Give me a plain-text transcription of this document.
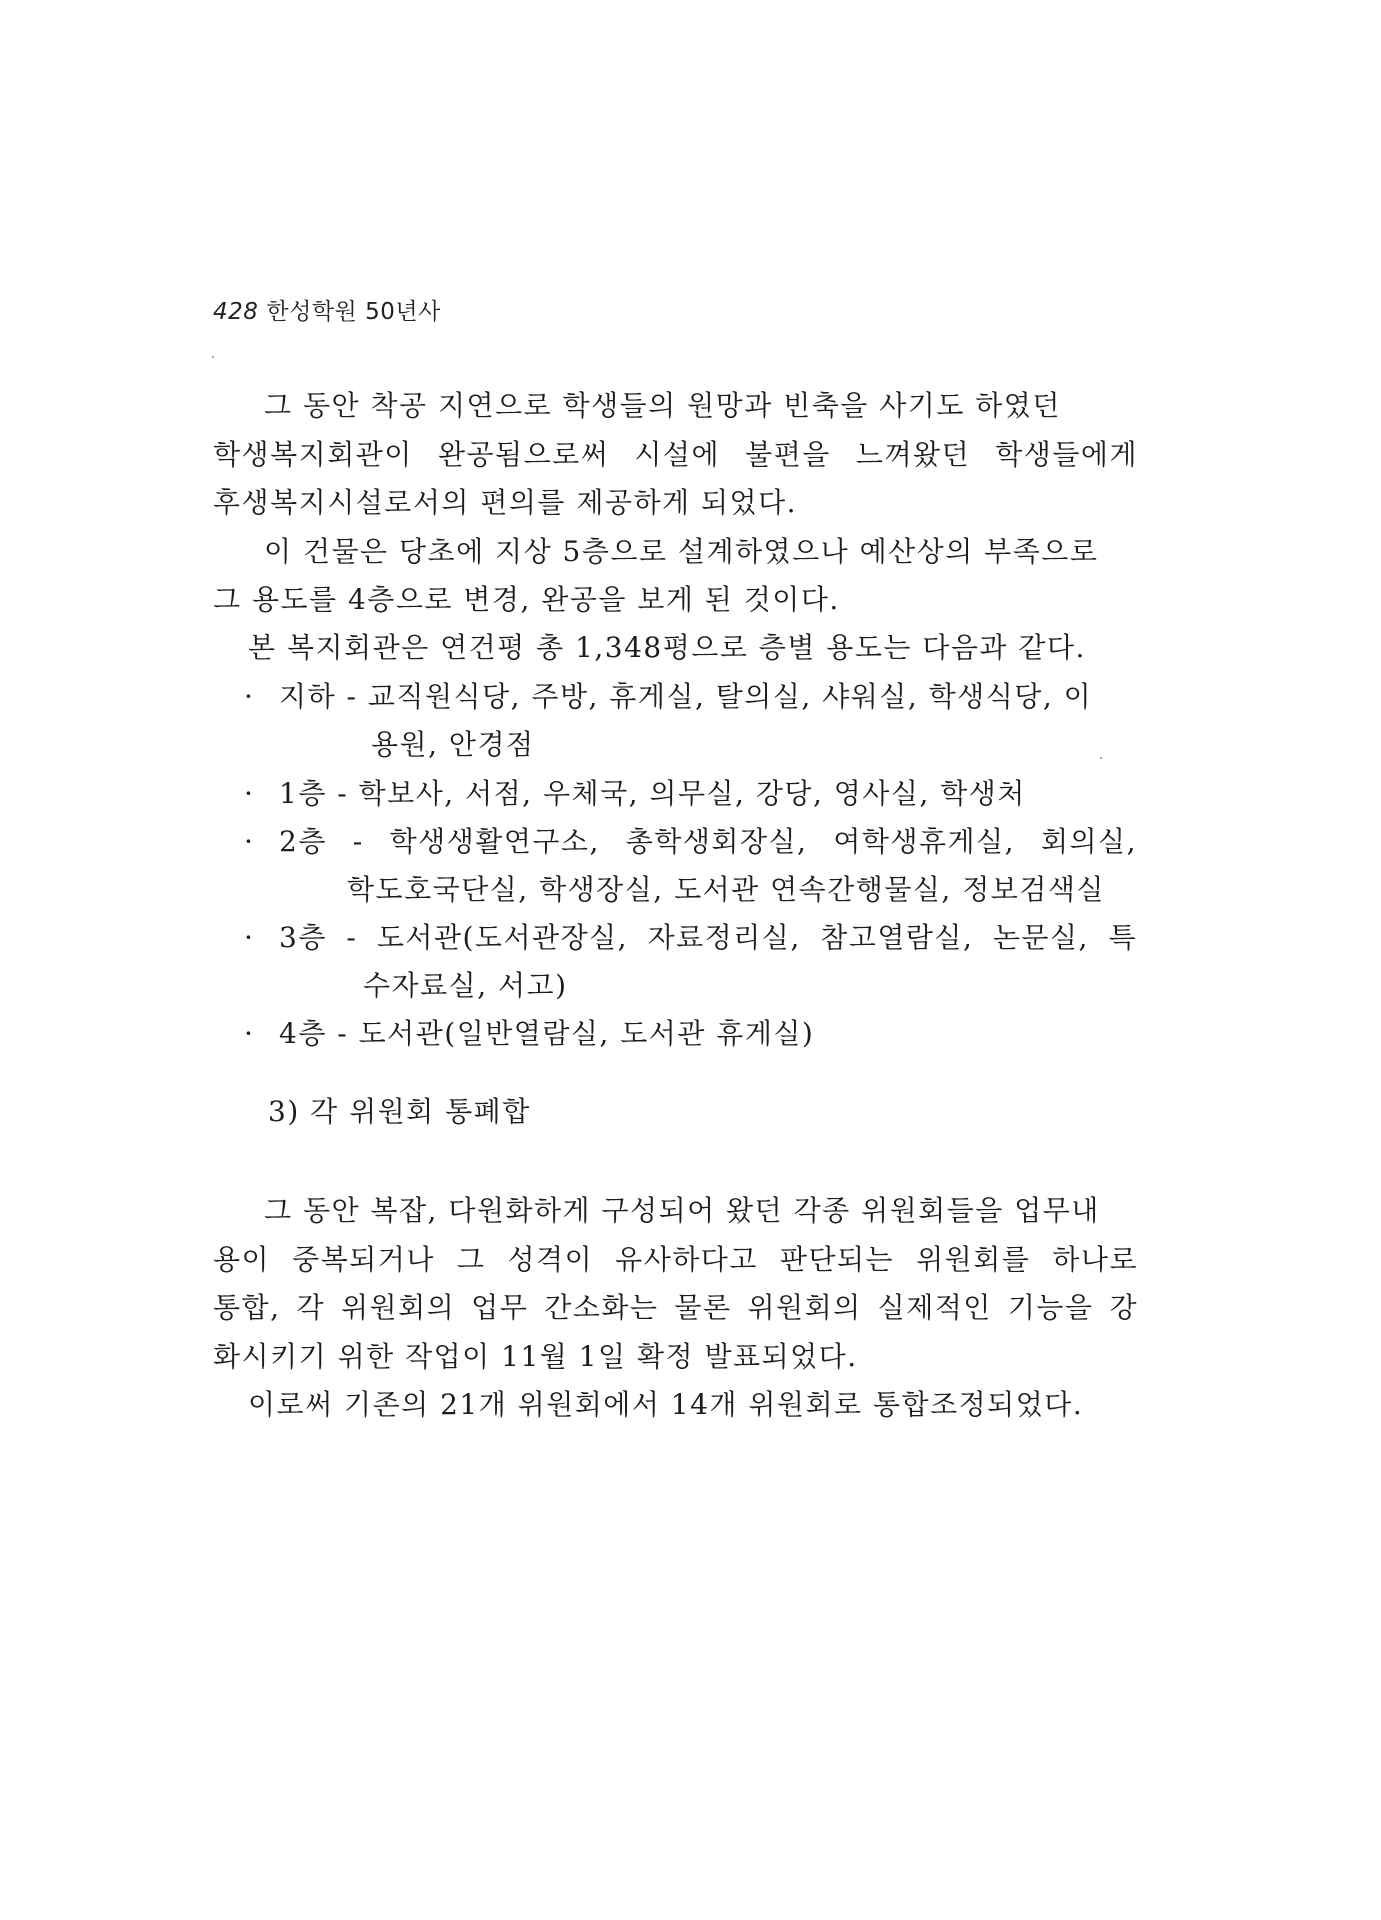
428 한성학원 50년사
그 동안 착공 지연으로 학생들의 원망과 빈축을 사기도 하였던
학생복지회관이 완공됨으로써 시설에 불편을 느껴왔던 학생들에게
후생복지시설로서의 편의를 제공하게 되었다.
이 건물은 당초에 지상 5층으로 설계하였으나 예산상의 부족으로
그 용도를 4층으로 변경, 완공을 보게 된 것이다.
본 복지회관은 연건평 총 1,348평으로 층별 용도는 다음과 같다.
· 지하 - 교직원식당, 주방, 휴게실, 탈의실, 샤워실, 학생식당, 이
용원, 안경점
· 1층 - 학보사, 서점, 우체국, 의무실, 강당, 영사실, 학생처
· 2층 - 학생생활연구소, 총학생회장실, 여학생휴게실, 회의실,
학도호국단실, 학생장실, 도서관 연속간행물실, 정보검색실
· 3층 - 도서관(도서관장실, 자료정리실, 참고열람실, 논문실, 특
수자료실, 서고)
· 4층 - 도서관(일반열람실, 도서관 휴게실)
3) 각 위원회 통폐합
그 동안 복잡, 다원화하게 구성되어 왔던 각종 위원회들을 업무내
용이 중복되거나 그 성격이 유사하다고 판단되는 위원회를 하나로
통합, 각 위원회의 업무 간소화는 물론 위원회의 실제적인 기능을 강
화시키기 위한 작업이 11월 1일 확정 발표되었다.
이로써 기존의 21개 위원회에서 14개 위원회로 통합조정되었다.
